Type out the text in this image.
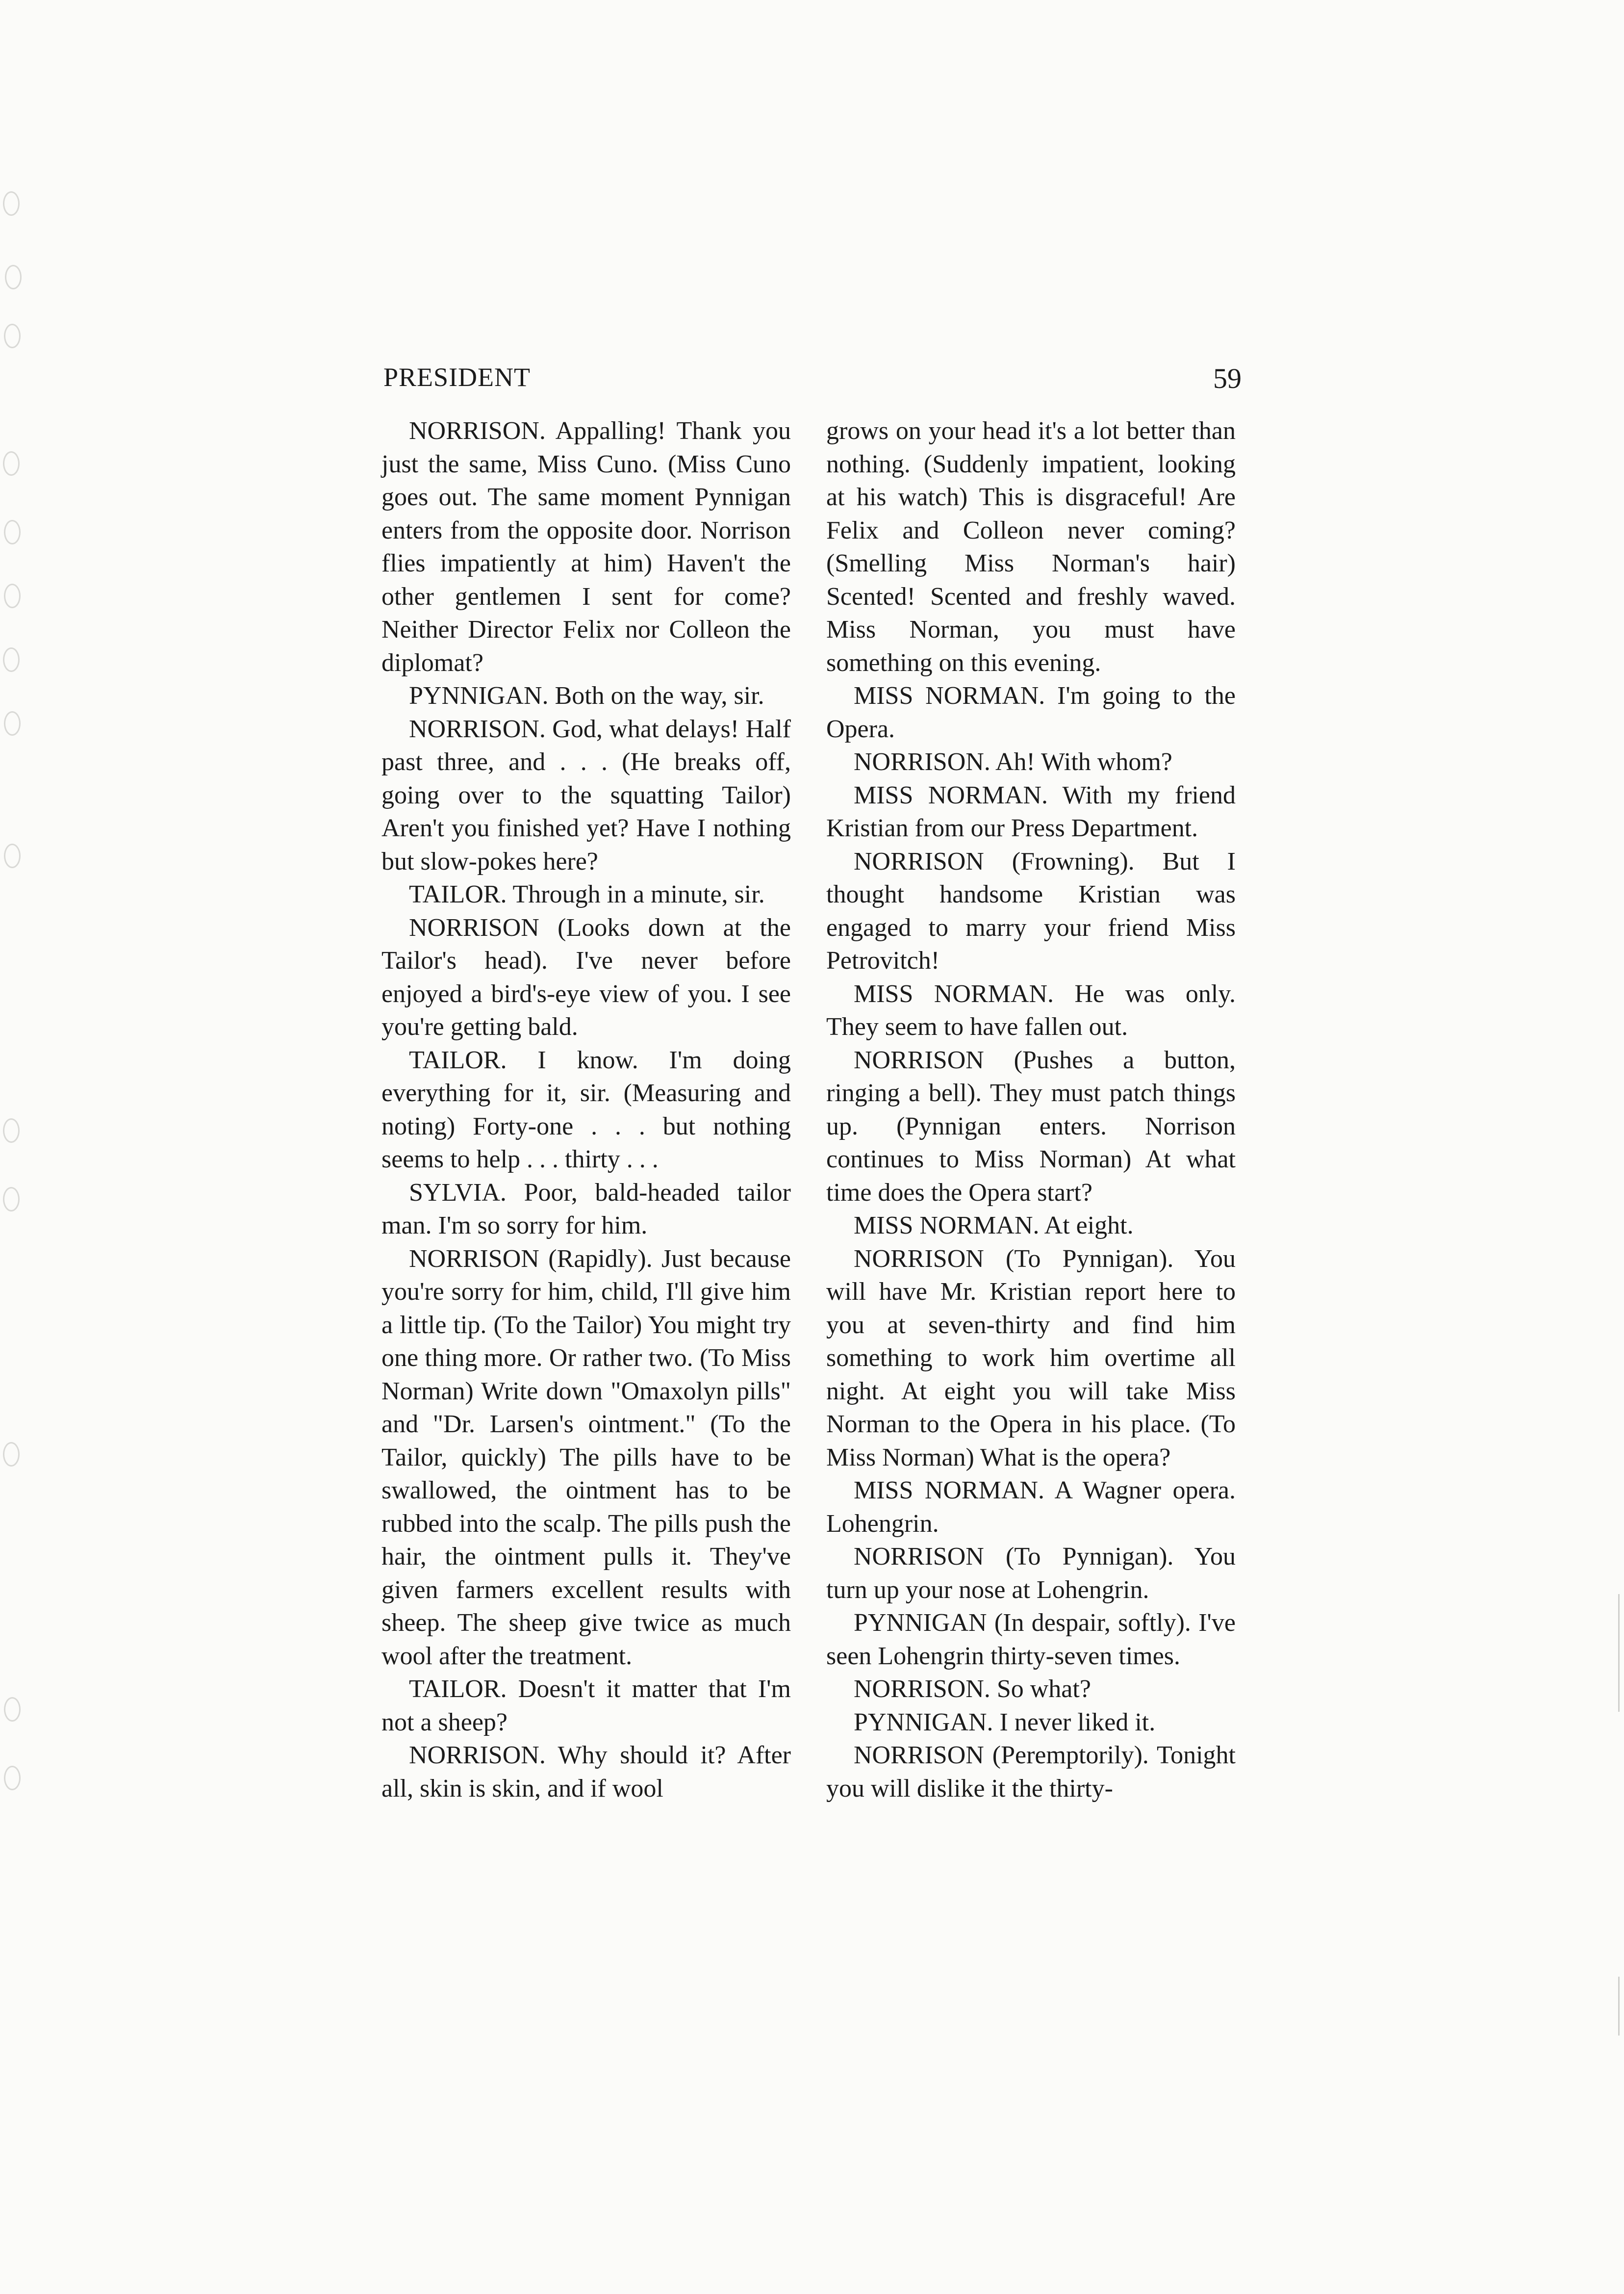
PRESIDENT	59

NORRISON. Appalling! Thank you just the same, Miss Cuno. (Miss Cuno goes out. The same moment Pynnigan enters from the opposite door. Norrison flies impatiently at him) Haven't the other gentlemen I sent for come? Neither Director Felix nor Colleon the diplomat?

PYNNIGAN. Both on the way, sir.

NORRISON. God, what delays! Half past three, and . . . (He breaks off, going over to the squatting Tailor) Aren't you finished yet? Have I nothing but slow-pokes here?

TAILOR. Through in a minute, sir.

NORRISON (Looks down at the Tailor's head). I've never before enjoyed a bird's-eye view of you. I see you're getting bald.

TAILOR. I know. I'm doing everything for it, sir. (Measuring and noting) Forty-one . . . but nothing seems to help . . . thirty . . .

SYLVIA. Poor, bald-headed tailor man. I'm so sorry for him.

NORRISON (Rapidly). Just because you're sorry for him, child, I'll give him a little tip. (To the Tailor) You might try one thing more. Or rather two. (To Miss Norman) Write down "Omaxolyn pills" and "Dr. Larsen's ointment." (To the Tailor, quickly) The pills have to be swallowed, the ointment has to be rubbed into the scalp. The pills push the hair, the ointment pulls it. They've given farmers excellent results with sheep. The sheep give twice as much wool after the treatment.

TAILOR. Doesn't it matter that I'm not a sheep?

NORRISON. Why should it? After all, skin is skin, and if wool

grows on your head it's a lot better than nothing. (Suddenly impatient, looking at his watch) This is disgraceful! Are Felix and Colleon never coming? (Smelling Miss Norman's hair) Scented! Scented and freshly waved. Miss Norman, you must have something on this evening.

MISS NORMAN. I'm going to the Opera.

NORRISON. Ah! With whom?

MISS NORMAN. With my friend Kristian from our Press Department.

NORRISON (Frowning). But I thought handsome Kristian was engaged to marry your friend Miss Petrovitch!

MISS NORMAN. He was only. They seem to have fallen out.

NORRISON (Pushes a button, ringing a bell). They must patch things up. (Pynnigan enters. Norrison continues to Miss Norman) At what time does the Opera start?

MISS NORMAN. At eight.

NORRISON (To Pynnigan). You will have Mr. Kristian report here to you at seven-thirty and find him something to work him overtime all night. At eight you will take Miss Norman to the Opera in his place. (To Miss Norman) What is the opera?

MISS NORMAN. A Wagner opera. Lohengrin.

NORRISON (To Pynnigan). You turn up your nose at Lohengrin.

PYNNIGAN (In despair, softly). I've seen Lohengrin thirty-seven times.

NORRISON. So what?

PYNNIGAN. I never liked it.

NORRISON (Peremptorily). Tonight you will dislike it the thirty-
